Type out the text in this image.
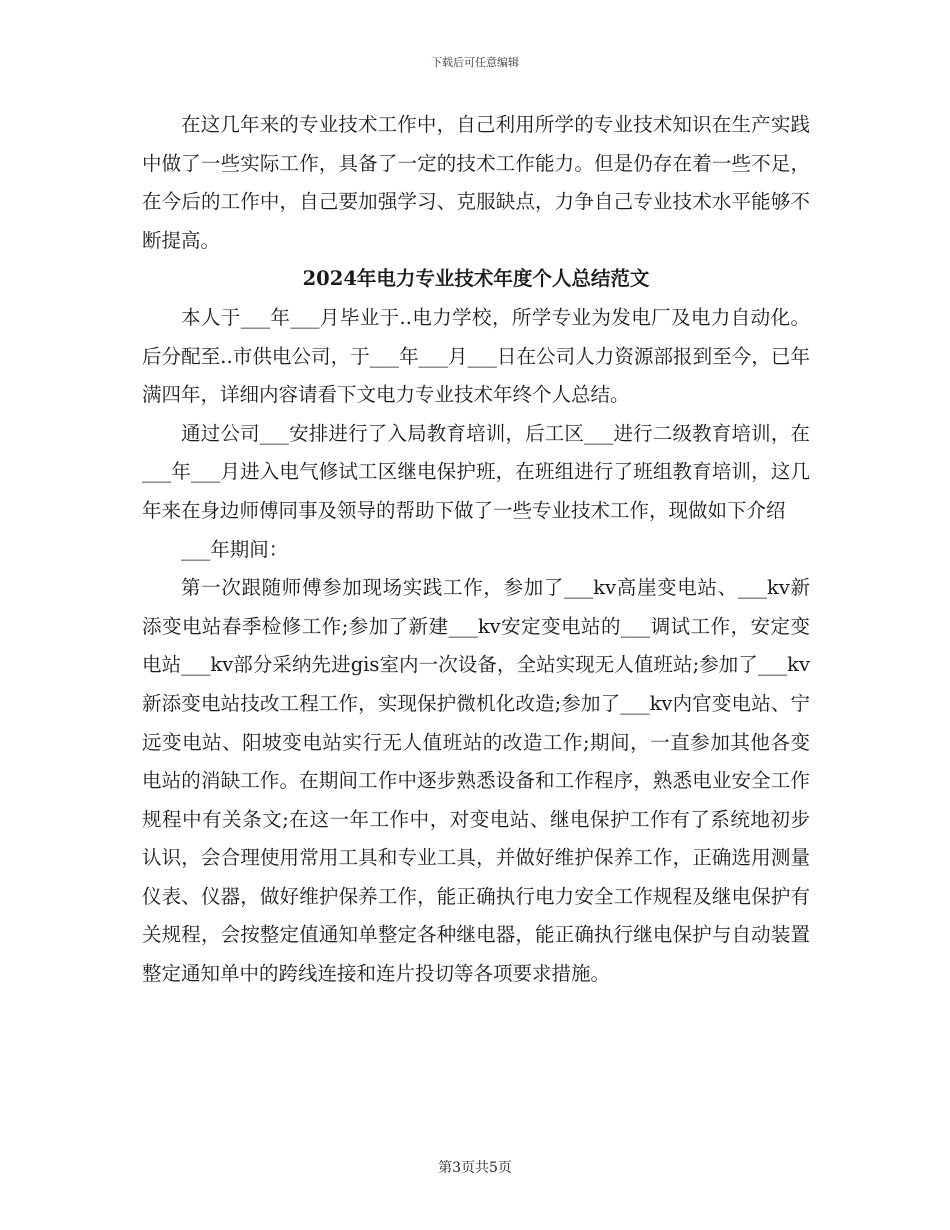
下载后可任意编辑

在这几年来的专业技术工作中，自己利用所学的专业技术知识在生产实践中做了一些实际工作，具备了一定的技术工作能力。但是仍存在着一些不足，在今后的工作中，自己要加强学习、克服缺点，力争自己专业技术水平能够不断提高。

2024年电力专业技术年度个人总结范文

本人于___年___月毕业于..电力学校，所学专业为发电厂及电力自动化。后分配至..市供电公司，于___年___月___日在公司人力资源部报到至今，已年满四年，详细内容请看下文电力专业技术年终个人总结。

通过公司___安排进行了入局教育培训，后工区___进行二级教育培训，在___年___月进入电气修试工区继电保护班，在班组进行了班组教育培训，这几年来在身边师傅同事及领导的帮助下做了一些专业技术工作，现做如下介绍

___年期间：

第一次跟随师傅参加现场实践工作，参加了___kv高崖变电站、___kv新添变电站春季检修工作;参加了新建___kv安定变电站的___调试工作，安定变电站___kv部分采纳先进gis室内一次设备，全站实现无人值班站;参加了___kv新添变电站技改工程工作，实现保护微机化改造;参加了___kv内官变电站、宁远变电站、阳坡变电站实行无人值班站的改造工作;期间，一直参加其他各变电站的消缺工作。在期间工作中逐步熟悉设备和工作程序，熟悉电业安全工作规程中有关条文;在这一年工作中，对变电站、继电保护工作有了系统地初步认识，会合理使用常用工具和专业工具，并做好维护保养工作，正确选用测量仪表、仪器，做好维护保养工作，能正确执行电力安全工作规程及继电保护有关规程，会按整定值通知单整定各种继电器，能正确执行继电保护与自动装置整定通知单中的跨线连接和连片投切等各项要求措施。

第3页共5页
